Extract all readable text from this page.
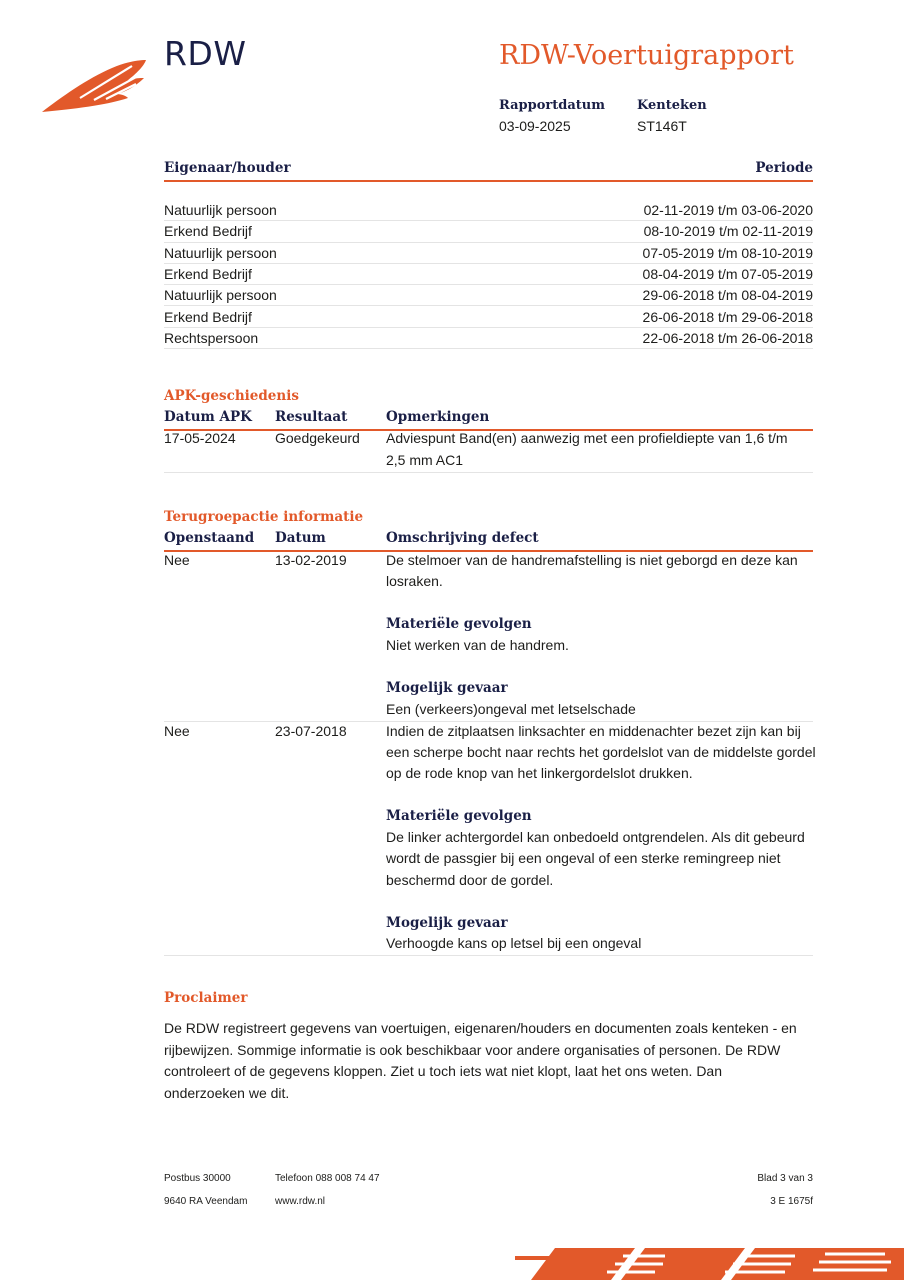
RDW	RDW-Voertuigrapport
Rapportdatum
03-09-2025
Kenteken
ST146T
Eigenaar/houder	Periode
Natuurlijk persoon	02-11-2019 t/m 03-06-2020
Erkend Bedrijf	08-10-2019 t/m 02-11-2019
Natuurlijk persoon	07-05-2019 t/m 08-10-2019
Erkend Bedrijf	08-04-2019 t/m 07-05-2019
Natuurlijk persoon	29-06-2018 t/m 08-04-2019
Erkend Bedrijf	26-06-2018 t/m 29-06-2018
Rechtspersoon	22-06-2018 t/m 26-06-2018
APK-geschiedenis
Datum APK Resultaat	Opmerkingen
17-05-2024	Goedgekeurd Adviespunt Band(en) aanwezig met een profieldiepte van 1,6 t/m
2,5 mm AC1
Terugroepactie informatie
Openstaand Datum	Omschrijving defect
Nee	13-02-2019	De stelmoer van de handremafstelling is niet geborgd en deze kan
losraken.
Materiële gevolgen
Niet werken van de handrem.
Mogelijk gevaar
Een (verkeers)ongeval met letselschade
Nee	23-07-2018	Indien de zitplaatsen linksachter en middenachter bezet zijn kan bij
een scherpe bocht naar rechts het gordelslot van de middelste gordel
op de rode knop van het linkergordelslot drukken.
Materiële gevolgen
De linker achtergordel kan onbedoeld ontgrendelen. Als dit gebeurd
wordt de passgier bij een ongeval of een sterke remingreep niet
beschermd door de gordel.
Mogelijk gevaar
Verhoogde kans op letsel bij een ongeval
Proclaimer
De RDW registreert gegevens van voertuigen, eigenaren/houders en documenten zoals kenteken - en rijbewijzen. Sommige informatie is ook beschikbaar voor andere organisaties of personen. De RDW controleert of de gegevens kloppen. Ziet u toch iets wat niet klopt, laat het ons weten. Dan onderzoeken we dit.
Postbus 30000
9640 RA Veendam
Telefoon 088 008 74 47
www.rdw.nl
Blad 3 van 3
3 E 1675f
